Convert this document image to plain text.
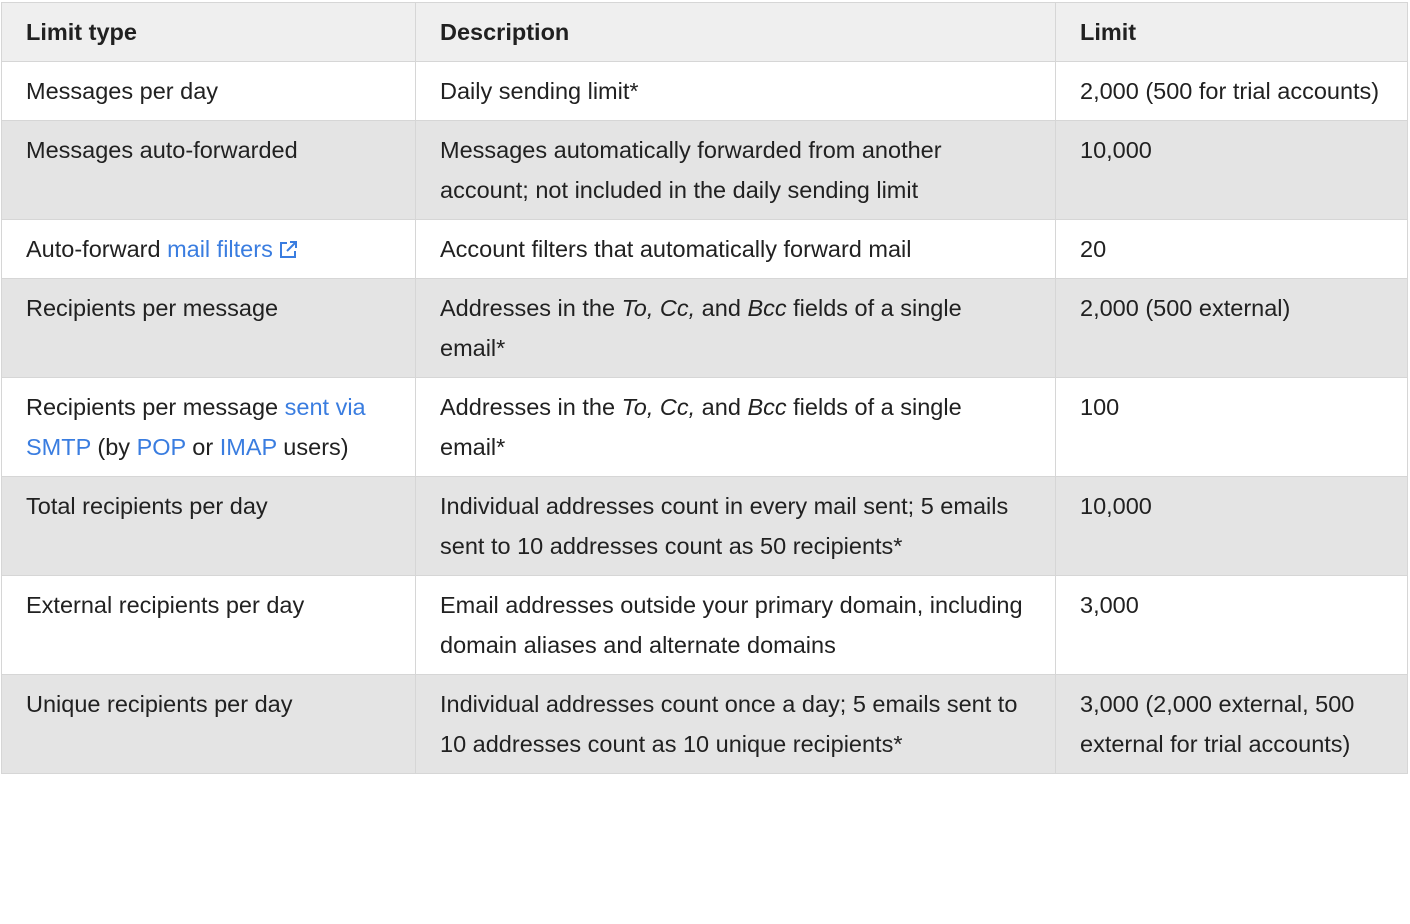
Limit type	Description	Limit
Messages per day	Daily sending limit*	2,000 (500 for trial accounts)
Messages auto-forwarded	Messages automatically forwarded from another account; not included in the daily sending limit	10,000
Auto-forward mail filters	Account filters that automatically forward mail	20
Recipients per message	Addresses in the To, Cc, and Bcc fields of a single email*	2,000 (500 external)
Recipients per message sent via SMTP (by POP or IMAP users)	Addresses in the To, Cc, and Bcc fields of a single email*	100
Total recipients per day	Individual addresses count in every mail sent; 5 emails sent to 10 addresses count as 50 recipients*	10,000
External recipients per day	Email addresses outside your primary domain, including domain aliases and alternate domains	3,000
Unique recipients per day	Individual addresses count once a day; 5 emails sent to 10 addresses count as 10 unique recipients*	3,000 (2,000 external, 500 external for trial accounts)
